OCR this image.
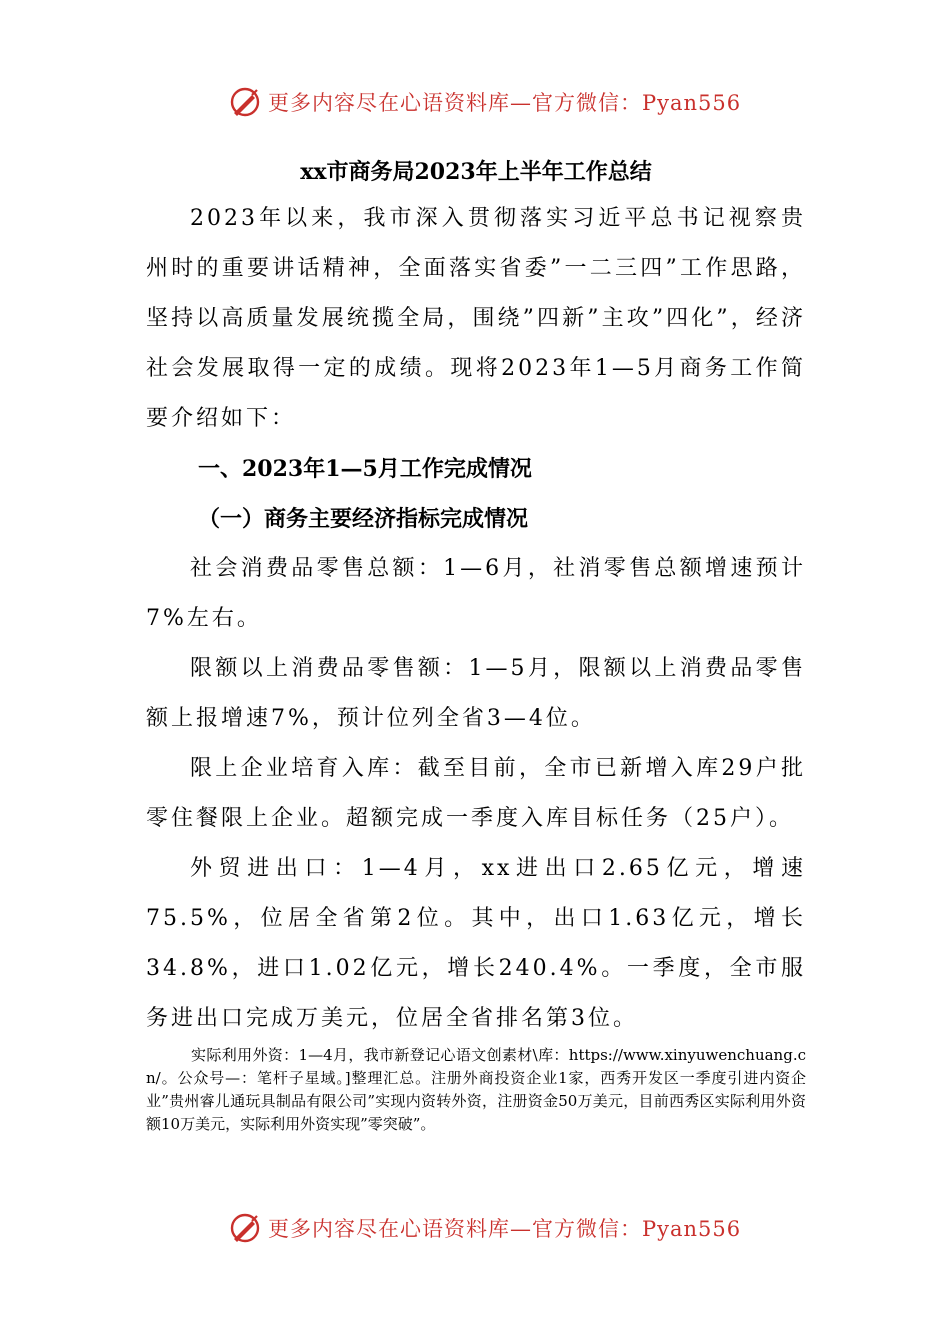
更多内容尽在心语资料库—官方微信：Pyan556
xx市商务局2023年上半年工作总结

2023年以来，我市深入贯彻落实习近平总书记视察贵州时的重要讲话精神，全面落实省委”一二三四”工作思路，坚持以高质量发展统揽全局，围绕”四新”主攻”四化”，经济社会发展取得一定的成绩。现将2023年1—5月商务工作简要介绍如下：

一、2023年1—5月工作完成情况

（一）商务主要经济指标完成情况

社会消费品零售总额：1—6月，社消零售总额增速预计7%左右。

限额以上消费品零售额：1—5月，限额以上消费品零售额上报增速7%，预计位列全省3—4位。

限上企业培育入库：截至目前，全市已新增入库29户批零住餐限上企业。超额完成一季度入库目标任务（25户）。

外贸进出口：1—4月，xx进出口2.65亿元，增速75.5%，位居全省第2位。其中，出口1.63亿元，增长34.8%，进口1.02亿元，增长240.4%。一季度，全市服务进出口完成万美元，位居全省排名第3位。

实际利用外资：1—4月，我市新登记心语文创素材\库：https://www.xinyuwenchuang.cn/。公众号—：笔杆子星域。]整理汇总。注册外商投资企业1家，西秀开发区一季度引进内资企业”贵州睿儿通玩具制品有限公司”实现内资转外资，注册资金50万美元，目前西秀区实际利用外资额10万美元，实际利用外资实现”零突破”。

更多内容尽在心语资料库—官方微信：Pyan556
